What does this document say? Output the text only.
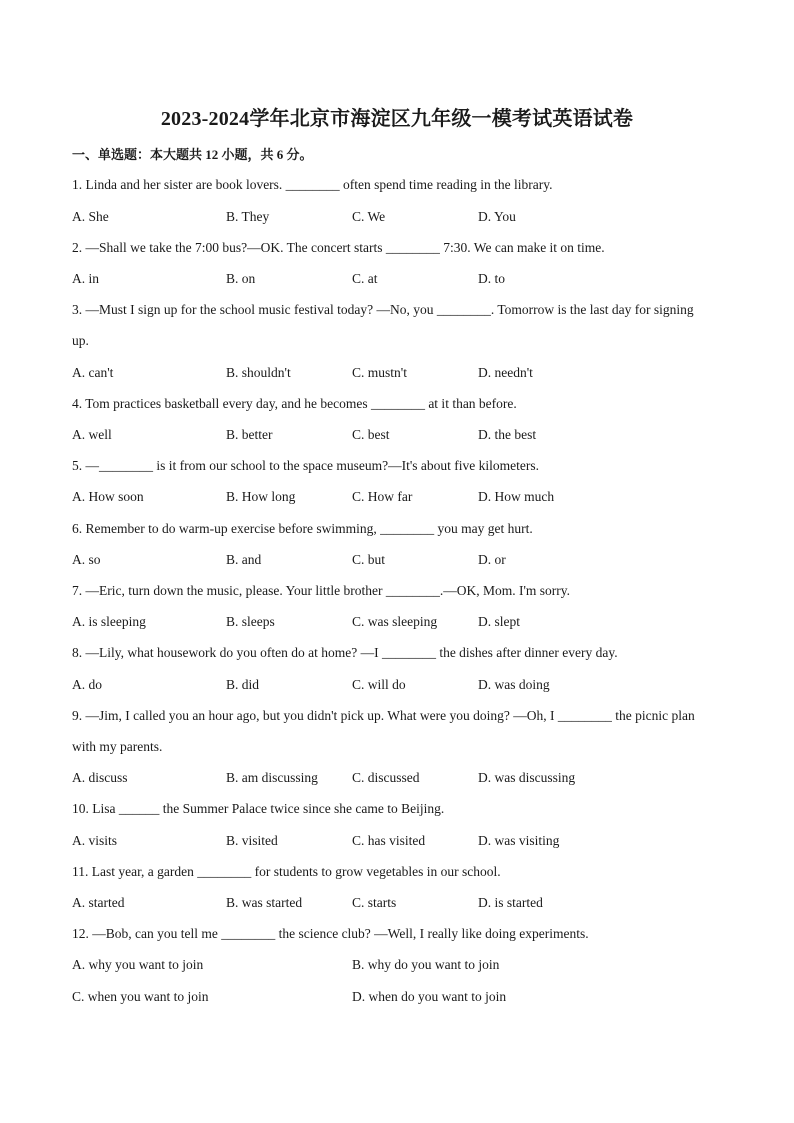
2023-2024学年北京市海淀区九年级一模考试英语试卷
一、单选题：本大题共 12 小题，共 6 分。
1. Linda and her sister are book lovers. ________ often spend time reading in the library.
A. She	B. They	C. We	D. You
2. —Shall we take the 7:00 bus?—OK. The concert starts ________ 7:30. We can make it on time.
A. in	B. on	C. at	D. to
3. —Must I sign up for the school music festival today? —No, you ________. Tomorrow is the last day for signing
up.
A. can't	B. shouldn't	C. mustn't	D. needn't
4. Tom practices basketball every day, and he becomes ________ at it than before.
A. well	B. better	C. best	D. the best
5. —________ is it from our school to the space museum?—It's about five kilometers.
A. How soon	B. How long	C. How far	D. How much
6. Remember to do warm-up exercise before swimming, ________ you may get hurt.
A. so	B. and	C. but	D. or
7. —Eric, turn down the music, please. Your little brother ________.—OK, Mom. I'm sorry.
A. is sleeping	B. sleeps	C. was sleeping	D. slept
8. —Lily, what housework do you often do at home? —I ________ the dishes after dinner every day.
A. do	B. did	C. will do	D. was doing
9. —Jim, I called you an hour ago, but you didn't pick up. What were you doing? —Oh, I ________ the picnic plan
with my parents.
A. discuss	B. am discussing	C. discussed	D. was discussing
10. Lisa ______ the Summer Palace twice since she came to Beijing.
A. visits	B. visited	C. has visited	D. was visiting
11. Last year, a garden ________ for students to grow vegetables in our school.
A. started	B. was started	C. starts	D. is started
12. —Bob, can you tell me ________ the science club? —Well, I really like doing experiments.
A. why you want to join	B. why do you want to join
C. when you want to join	D. when do you want to join
